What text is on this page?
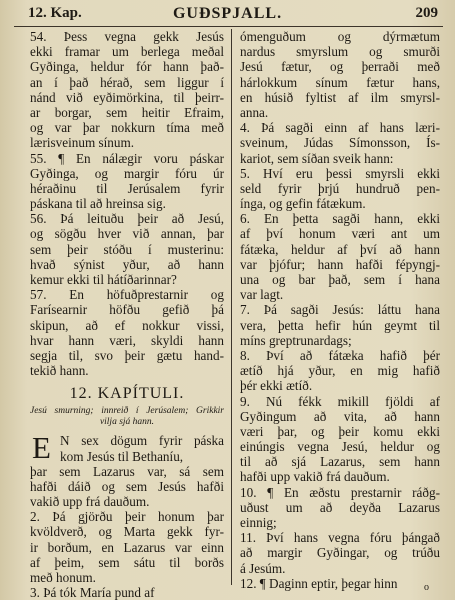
12. Kap.	GUÐSPJALL.	209
54. Þess vegna gekk Jesús
ekki framar um berlega meðal
Gyðinga, heldur fór hann það-
an í það hérað, sem liggur í
nánd við eyðimörkina, til þeirr-
ar borgar, sem heitir Efraim,
og var þar nokkurn tíma með
lærisveinum sínum.
55. ¶ En nálægir voru páskar
Gyðinga, og margir fóru úr
héraðinu til Jerúsalem fyrir
páskana til að hreinsa sig.
56. Þá leituðu þeir að Jesú,
og sögðu hver við annan, þar
sem þeir stóðu í musterinu:
hvað sýnist yður, að hann
kemur ekki til hátíðarinnar?
57. En höfuðprestarnir og
Farísearnir höfðu gefið þá
skipun, að ef nokkur vissi,
hvar hann væri, skyldi hann
segja til, svo þeir gætu hand-
tekið hann.
12. KAPÍTULI.
Jesú smurning; innreið í Jerúsalem; Grikkir
vilja sjá hann.
E N sex dögum fyrir páska
kom Jesús til Bethaníu,
þar sem Lazarus var, sá sem
hafði dáið og sem Jesús hafði
vakið upp frá dauðum.
2. Þá gjörðu þeir honum þar
kvöldverð, og Marta gekk fyr-
ir borðum, en Lazarus var einn
af þeim, sem sátu til borðs
með honum.
3. Þá tók María pund af
ómenguðum og dýrmætum
nardus smyrslum og smurði
Jesú fætur, og þerraði með
hárlokkum sínum fætur hans,
en húsið fyltist af ilm smyrsl-
anna.
4. Þá sagði einn af hans læri-
sveinum, Júdas Símonsson, Ís-
kariot, sem síðan sveik hann:
5. Hví eru þessi smyrsli ekki
seld fyrir þrjú hundruð pen-
ínga, og gefin fátækum.
6. En þetta sagði hann, ekki
af því honum væri ant um
fátæka, heldur af því að hann
var þjófur; hann hafði fépyngj-
una og bar það, sem í hana
var lagt.
7. Þá sagði Jesús: láttu hana
vera, þetta hefir hún geymt til
míns greptrunardags;
8. Því að fátæka hafið þér
ætíð hjá yður, en mig hafið
þér ekki ætíð.
9. Nú fékk mikill fjöldi af
Gyðingum að vita, að hann
væri þar, og þeir komu ekki
einúngis vegna Jesú, heldur og
til að sjá Lazarus, sem hann
hafði upp vakið frá dauðum.
10. ¶ En æðstu prestarnir ráðg-
uðust um að deyða Lazarus
einnig;
11. Því hans vegna fóru þángað
að margir Gyðingar, og trúðu
á Jesúm.
12. ¶ Daginn eptir, þegar hinn	o
